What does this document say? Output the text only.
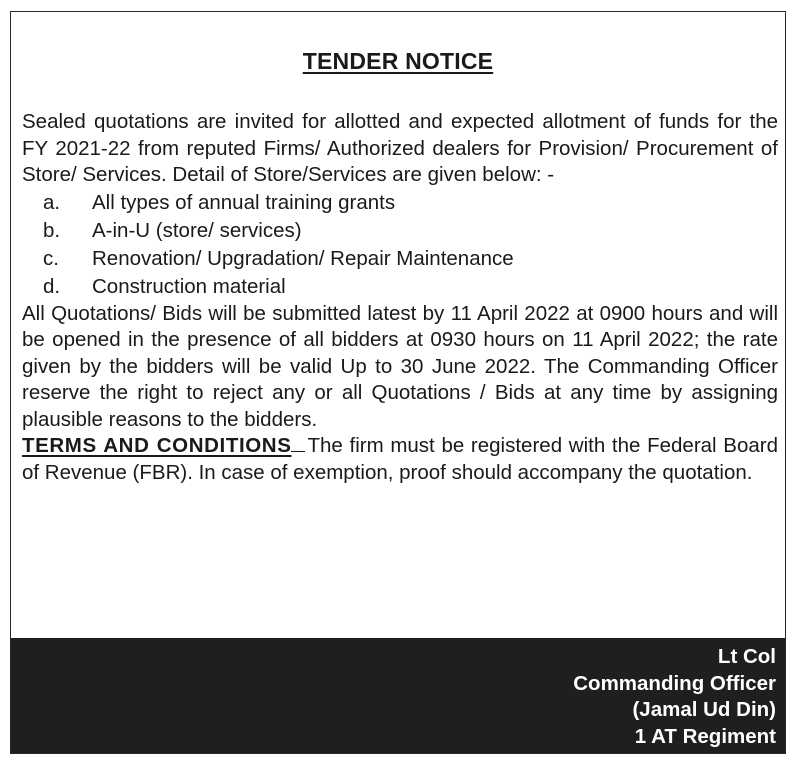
TENDER NOTICE

Sealed quotations are invited for allotted and expected allotment of funds for the FY 2021-22 from reputed Firms/ Authorized dealers for Provision/ Procurement of Store/ Services. Detail of Store/Services are given below: -

a.	All types of annual training grants
b.	A-in-U (store/ services)
c.	Renovation/ Upgradation/ Repair Maintenance
d.	Construction material

All Quotations/ Bids will be submitted latest by 11 April 2022 at 0900 hours and will be opened in the presence of all bidders at 0930 hours on 11 April 2022; the rate given by the bidders will be valid Up to 30 June 2022. The Commanding Officer reserve the right to reject any or all Quotations / Bids at any time by assigning plausible reasons to the bidders.

TERMS AND CONDITIONS The firm must be registered with the Federal Board of Revenue (FBR). In case of exemption, proof should accompany the quotation.

Lt Col
Commanding Officer
(Jamal Ud Din)
1 AT Regiment
